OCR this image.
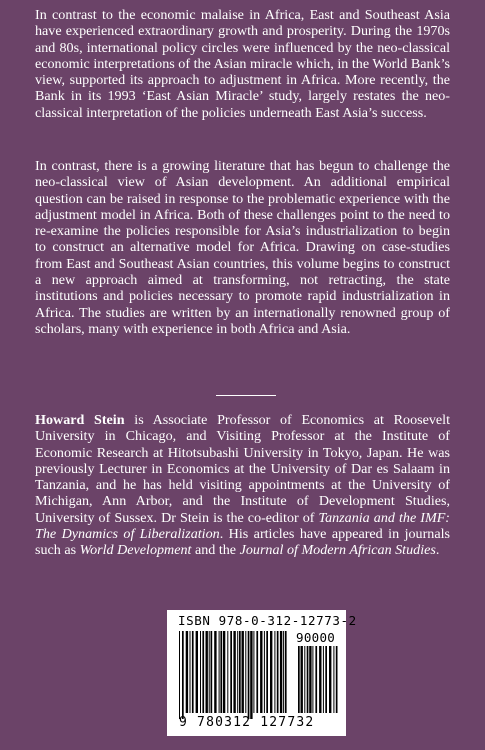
In contrast to the economic malaise in Africa, East and Southeast Asia have experienced extraordinary growth and prosperity. During the 1970s and 80s, international policy circles were influenced by the neo-classical economic interpretations of the Asian miracle which, in the World Bank’s view, supported its approach to adjustment in Africa. More recently, the Bank in its 1993 ‘East Asian Miracle’ study, largely restates the neo-classical interpretation of the policies underneath East Asia’s success.

In contrast, there is a growing literature that has begun to challenge the neo-classical view of Asian development. An additional empirical question can be raised in response to the problematic experience with the adjustment model in Africa. Both of these challenges point to the need to re-examine the policies responsible for Asia’s industrialization to begin to construct an alternative model for Africa. Drawing on case-studies from East and Southeast Asian countries, this volume begins to construct a new approach aimed at transforming, not retracting, the state institutions and policies necessary to promote rapid industrialization in Africa. The studies are written by an internationally renowned group of scholars, many with experience in both Africa and Asia.

Howard Stein is Associate Professor of Economics at Roosevelt University in Chicago, and Visiting Professor at the Institute of Economic Research at Hitotsubashi University in Tokyo, Japan. He was previously Lecturer in Economics at the University of Dar es Salaam in Tanzania, and he has held visiting appointments at the University of Michigan, Ann Arbor, and the Institute of Development Studies, University of Sussex. Dr Stein is the co-editor of Tanzania and the IMF: The Dynamics of Liberalization. His articles have appeared in journals such as World Development and the Journal of Modern African Studies.

ISBN 978-0-312-12773-2
90000
9 780312 127732
